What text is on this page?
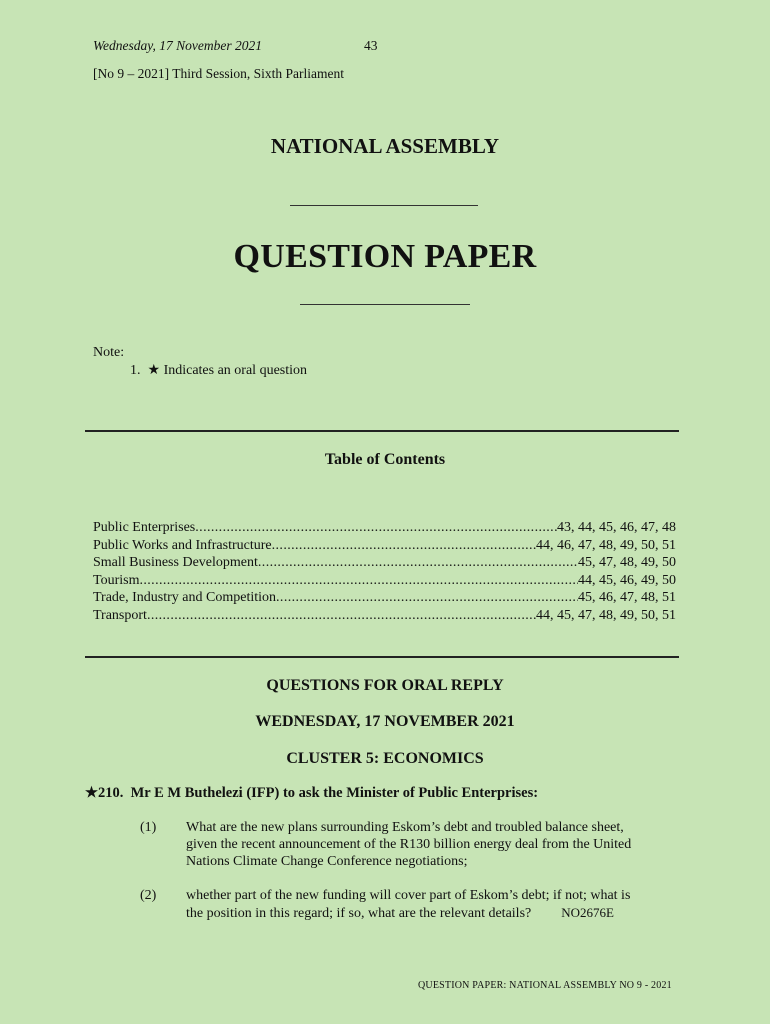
Wednesday, 17 November 2021	43
[No 9 – 2021] Third Session, Sixth Parliament
NATIONAL ASSEMBLY
QUESTION PAPER
Note:
1. ★ Indicates an oral question
Table of Contents
Public Enterprises .....	43, 44, 45, 46, 47, 48
Public Works and Infrastructure .....	44, 46, 47, 48, 49, 50, 51
Small Business Development .....	45, 47, 48, 49, 50
Tourism .....	44, 45, 46, 49, 50
Trade, Industry and Competition .....	45, 46, 47, 48, 51
Transport .....	44, 45, 47, 48, 49, 50, 51
QUESTIONS FOR ORAL REPLY
WEDNESDAY, 17 NOVEMBER 2021
CLUSTER 5: ECONOMICS
★210. Mr E M Buthelezi (IFP) to ask the Minister of Public Enterprises:
(1) What are the new plans surrounding Eskom’s debt and troubled balance sheet,
given the recent announcement of the R130 billion energy deal from the United
Nations Climate Change Conference negotiations;
(2) whether part of the new funding will cover part of Eskom’s debt; if not; what is
the position in this regard; if so, what are the relevant details? NO2676E
QUESTION PAPER: NATIONAL ASSEMBLY NO 9 - 2021
